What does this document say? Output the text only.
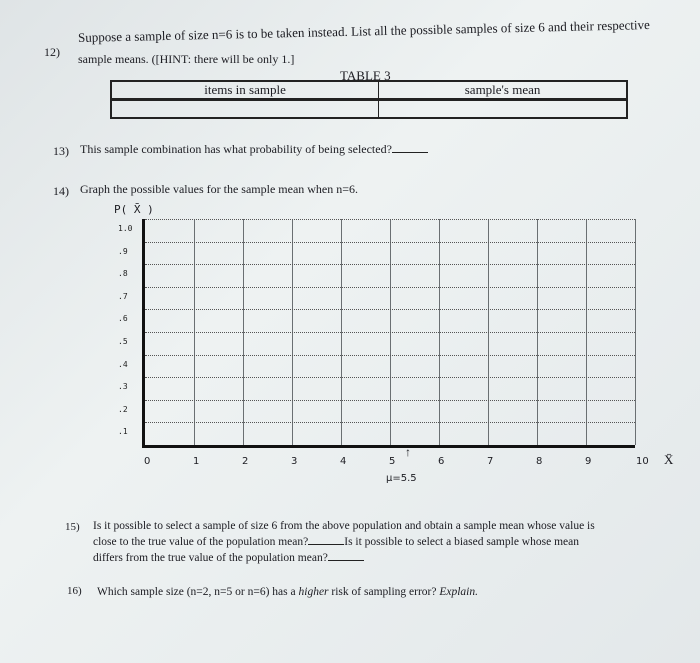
12)
Suppose a sample of size n=6 is to be taken instead. List all the possible samples of size 6 and their respective
sample means. ([HINT: there will be only 1.]
TABLE 3
items in sample	sample's mean

13) This sample combination has what probability of being selected?
14) Graph the possible values for the sample mean when n=6.
P( X̄ )
1.0
.9
.8
.7
.6
.5
.4
.3
.2
.1
0	1	2	3	4	5	6	7	8	9	10 X̄
↑
μ=5.5
15) Is it possible to select a sample of size 6 from the above population and obtain a sample mean whose value is
close to the true value of the population mean?	Is it possible to select a biased sample whose mean
differs from the true value of the population mean?
16) Which sample size (n=2, n=5 or n=6) has a higher risk of sampling error? Explain.
